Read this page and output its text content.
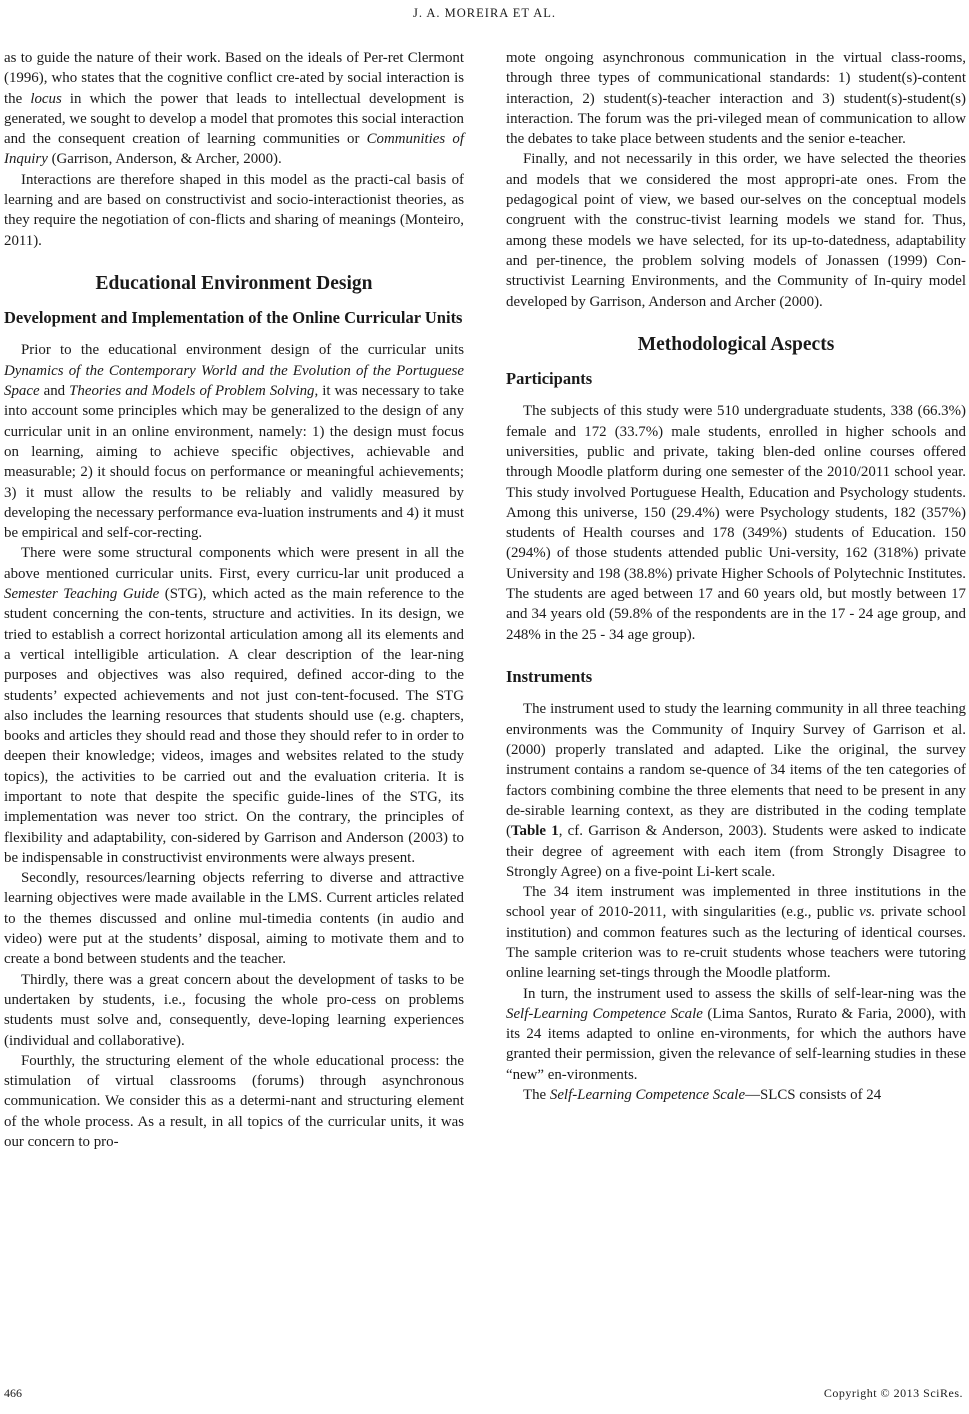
J. A. MOREIRA ET AL.

as to guide the nature of their work. Based on the ideals of Per-ret Clermont (1996), who states that the cognitive conflict cre-ated by social interaction is the locus in which the power that leads to intellectual development is generated, we sought to develop a model that promotes this social interaction and the consequent creation of learning communities or Communities of Inquiry (Garrison, Anderson, & Archer, 2000).

Interactions are therefore shaped in this model as the practi-cal basis of learning and are based on constructivist and socio-interactionist theories, as they require the negotiation of con-flicts and sharing of meanings (Monteiro, 2011).

Educational Environment Design
Development and Implementation of the Online Curricular Units

Prior to the educational environment design of the curricular units Dynamics of the Contemporary World and the Evolution of the Portuguese Space and Theories and Models of Problem Solving, it was necessary to take into account some principles which may be generalized to the design of any curricular unit in an online environment, namely: 1) the design must focus on learning, aiming to achieve specific objectives, achievable and measurable; 2) it should focus on performance or meaningful achievements; 3) it must allow the results to be reliably and validly measured by developing the necessary performance eva-luation instruments and 4) it must be empirical and self-cor-recting.

There were some structural components which were present in all the above mentioned curricular units. First, every curricu-lar unit produced a Semester Teaching Guide (STG), which acted as the main reference to the student concerning the con-tents, structure and activities. In its design, we tried to establish a correct horizontal articulation among all its elements and a vertical intelligible articulation. A clear description of the lear-ning purposes and objectives was also required, defined accor-ding to the students’ expected achievements and not just con-tent-focused. The STG also includes the learning resources that students should use (e.g. chapters, books and articles they should read and those they should refer to in order to deepen their knowledge; videos, images and websites related to the study topics), the activities to be carried out and the evaluation criteria. It is important to note that despite the specific guide-lines of the STG, its implementation was never too strict. On the contrary, the principles of flexibility and adaptability, con-sidered by Garrison and Anderson (2003) to be indispensable in constructivist environments were always present.

Secondly, resources/learning objects referring to diverse and attractive learning objectives were made available in the LMS. Current articles related to the themes discussed and online mul-timedia contents (in audio and video) were put at the students’ disposal, aiming to motivate them and to create a bond between students and the teacher.

Thirdly, there was a great concern about the development of tasks to be undertaken by students, i.e., focusing the whole pro-cess on problems students must solve and, consequently, deve-loping learning experiences (individual and collaborative).

Fourthly, the structuring element of the whole educational process: the stimulation of virtual classrooms (forums) through asynchronous communication. We consider this as a determi-nant and structuring element of the whole process. As a result, in all topics of the curricular units, it was our concern to pro-

mote ongoing asynchronous communication in the virtual class-rooms, through three types of communicational standards: 1) student(s)-content interaction, 2) student(s)-teacher interaction and 3) student(s)-student(s) interaction. The forum was the pri-vileged mean of communication to allow the debates to take place between students and the senior e-teacher.

Finally, and not necessarily in this order, we have selected the theories and models that we considered the most appropri-ate ones. From the pedagogical point of view, we based our-selves on the conceptual models congruent with the construc-tivist learning models we stand for. Thus, among these models we have selected, for its up-to-datedness, adaptability and per-tinence, the problem solving models of Jonassen (1999) Con-structivist Learning Environments, and the Community of In-quiry model developed by Garrison, Anderson and Archer (2000).

Methodological Aspects
Participants

The subjects of this study were 510 undergraduate students, 338 (66.3%) female and 172 (33.7%) male students, enrolled in higher schools and universities, public and private, taking blen-ded online courses offered through Moodle platform during one semester of the 2010/2011 school year. This study involved Portuguese Health, Education and Psychology students. Among this universe, 150 (29.4%) were Psychology students, 182 (357%) students of Health courses and 178 (349%) students of Education. 150 (294%) of those students attended public Uni-versity, 162 (318%) private University and 198 (38.8%) private Higher Schools of Polytechnic Institutes. The students are aged between 17 and 60 years old, but mostly between 17 and 34 years old (59.8% of the respondents are in the 17 - 24 age group, and 248% in the 25 - 34 age group).

Instruments

The instrument used to study the learning community in all three teaching environments was the Community of Inquiry Survey of Garrison et al. (2000) properly translated and adapted. Like the original, the survey instrument contains a random se-quence of 34 items of the ten categories of factors combining combine the three elements that need to be present in any de-sirable learning context, as they are distributed in the coding template (Table 1, cf. Garrison & Anderson, 2003). Students were asked to indicate their degree of agreement with each item (from Strongly Disagree to Strongly Agree) on a five-point Li-kert scale.

The 34 item instrument was implemented in three institutions in the school year of 2010-2011, with singularities (e.g., public vs. private school institution) and common features such as the lecturing of identical courses. The sample criterion was to re-cruit students whose teachers were tutoring online learning set-tings through the Moodle platform.

In turn, the instrument used to assess the skills of self-lear-ning was the Self-Learning Competence Scale (Lima Santos, Rurato & Faria, 2000), with its 24 items adapted to online en-vironments, for which the authors have granted their permission, given the relevance of self-learning studies in these “new” en-vironments.

The Self-Learning Competence Scale—SLCS consists of 24

466	Copyright © 2013 SciRes.
